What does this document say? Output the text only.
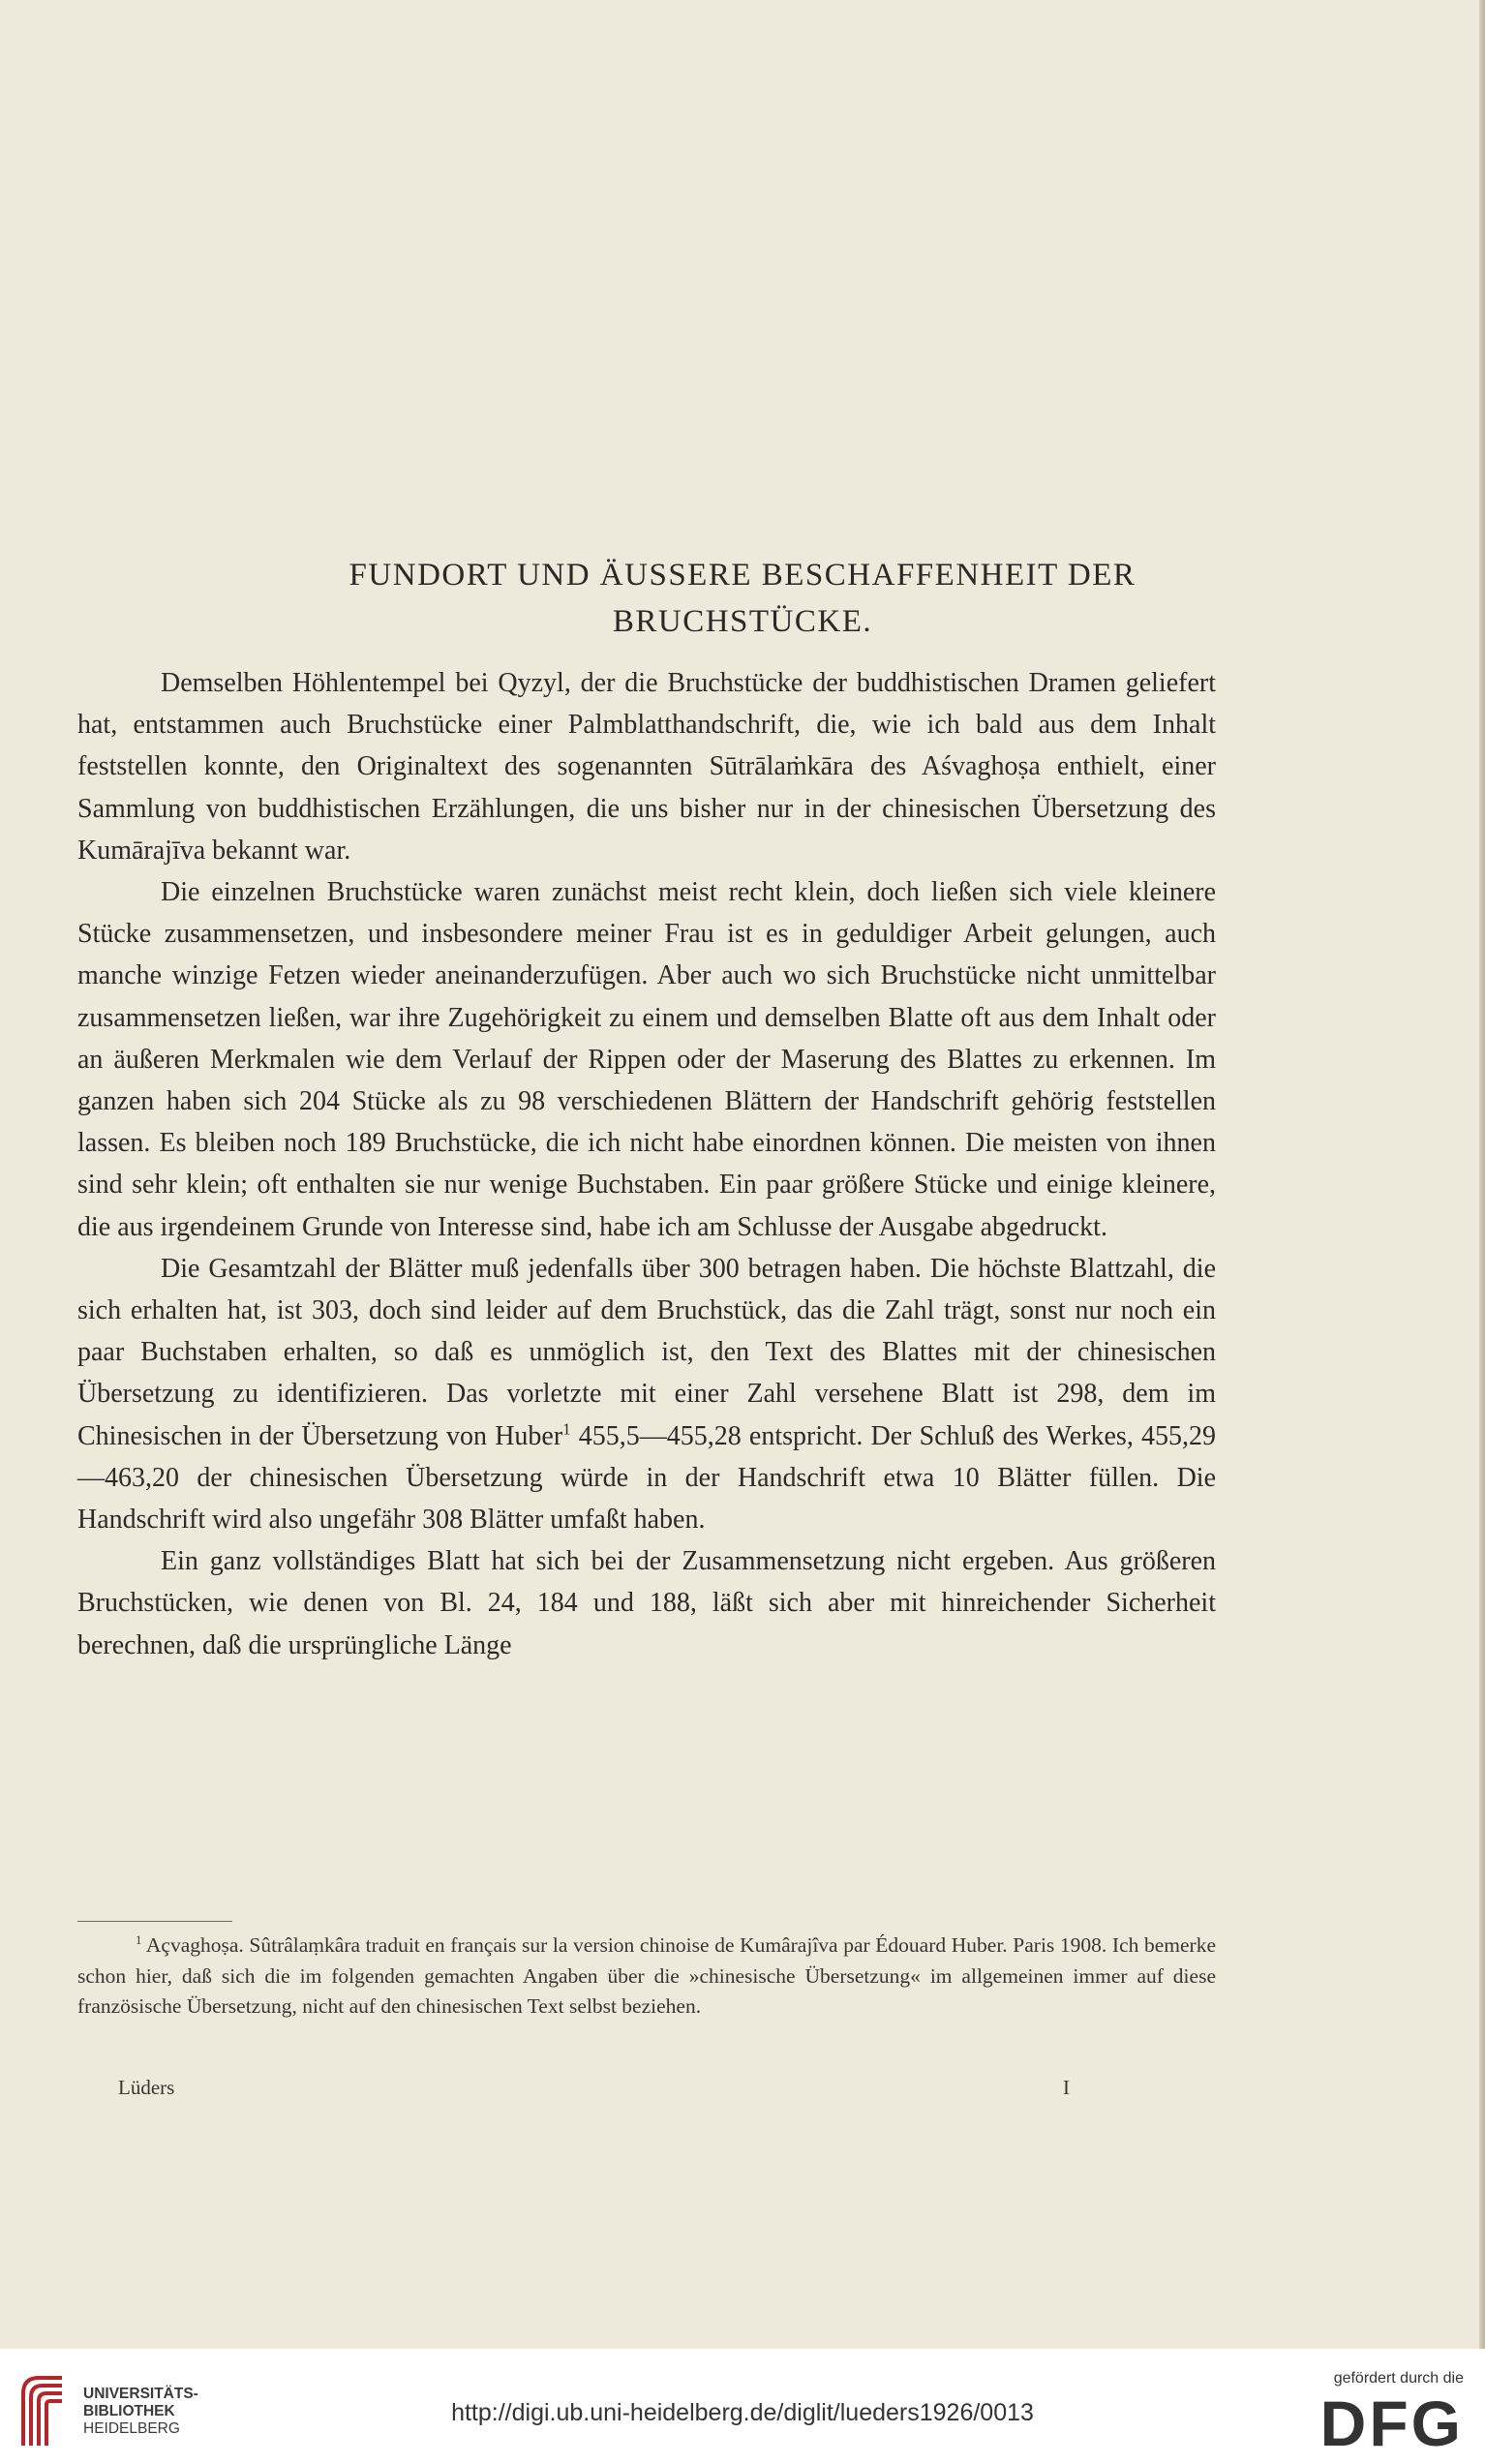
FUNDORT UND ÄUSSERE BESCHAFFENHEIT DER
BRUCHSTÜCKE.

Demselben Höhlentempel bei Qyzyl, der die Bruchstücke der buddhistischen Dramen geliefert hat, entstammen auch Bruchstücke einer Palmblatthandschrift, die, wie ich bald aus dem Inhalt feststellen konnte, den Originaltext des sogenannten Sūtrālaṁkāra des Aśvaghoṣa enthielt, einer Sammlung von buddhistischen Erzählungen, die uns bisher nur in der chinesischen Übersetzung des Kumārajīva bekannt war.

Die einzelnen Bruchstücke waren zunächst meist recht klein, doch ließen sich viele kleinere Stücke zusammensetzen, und insbesondere meiner Frau ist es in geduldiger Arbeit gelungen, auch manche winzige Fetzen wieder aneinanderzufügen. Aber auch wo sich Bruchstücke nicht unmittelbar zusammensetzen ließen, war ihre Zugehörigkeit zu einem und demselben Blatte oft aus dem Inhalt oder an äußeren Merkmalen wie dem Verlauf der Rippen oder der Maserung des Blattes zu erkennen. Im ganzen haben sich 204 Stücke als zu 98 verschiedenen Blättern der Handschrift gehörig feststellen lassen. Es bleiben noch 189 Bruchstücke, die ich nicht habe einordnen können. Die meisten von ihnen sind sehr klein; oft enthalten sie nur wenige Buchstaben. Ein paar größere Stücke und einige kleinere, die aus irgendeinem Grunde von Interesse sind, habe ich am Schlusse der Ausgabe abgedruckt.

Die Gesamtzahl der Blätter muß jedenfalls über 300 betragen haben. Die höchste Blattzahl, die sich erhalten hat, ist 303, doch sind leider auf dem Bruchstück, das die Zahl trägt, sonst nur noch ein paar Buchstaben erhalten, so daß es unmöglich ist, den Text des Blattes mit der chinesischen Übersetzung zu identifizieren. Das vorletzte mit einer Zahl versehene Blatt ist 298, dem im Chinesischen in der Übersetzung von Huber$^1$ 455,5—455,28 entspricht. Der Schluß des Werkes, 455,29—463,20 der chinesischen Übersetzung würde in der Handschrift etwa 10 Blätter füllen. Die Handschrift wird also ungefähr 308 Blätter umfaßt haben.

Ein ganz vollständiges Blatt hat sich bei der Zusammensetzung nicht ergeben. Aus größeren Bruchstücken, wie denen von Bl. 24, 184 und 188, läßt sich aber mit hinreichender Sicherheit berechnen, daß die ursprüngliche Länge

$^1$ Açvaghoṣa. Sûtrâlaṃkâra traduit en français sur la version chinoise de Kumârajîva par Édouard Huber. Paris 1908. Ich bemerke schon hier, daß sich die im folgenden gemachten Angaben über die »chinesische Übersetzung« im allgemeinen immer auf diese französische Übersetzung, nicht auf den chinesischen Text selbst beziehen.

Lüders	I
UNIVERSITÄTS-
BIBLIOTHEK
HEIDELBERG
http://digi.ub.uni-heidelberg.de/diglit/lueders1926/0013
gefördert durch die
DFG
